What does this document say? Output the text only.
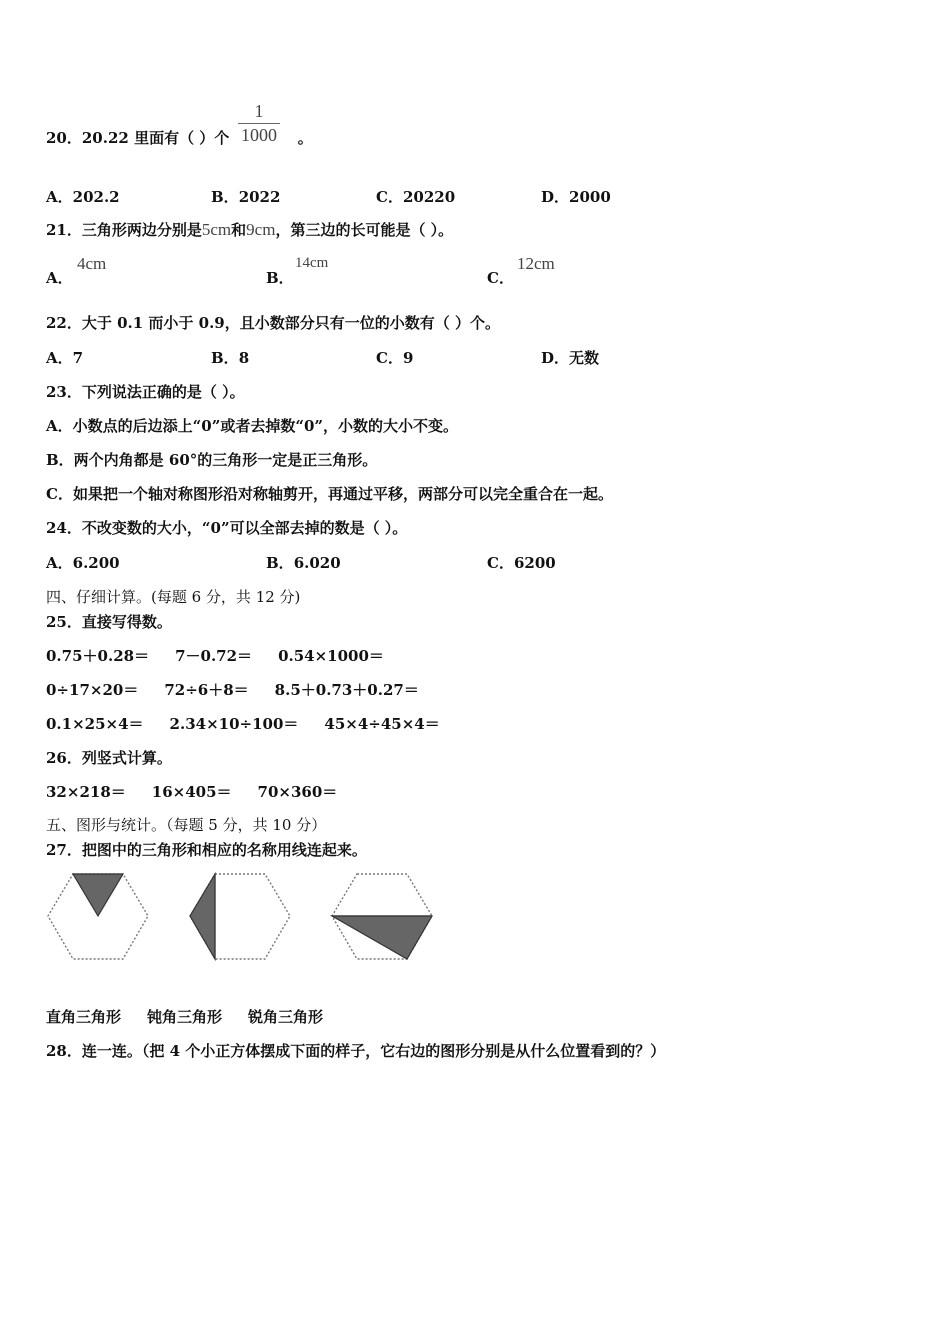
20．20.22 里面有（ ）个	。
1
1000
A．202.2	B．2022	C．20220	D．2000
21．三角形两边分别是5cm和9cm，第三边的长可能是（ ）。
A．
4cm
B．
14cm
C．
12cm
22．大于 0.1 而小于 0.9，且小数部分只有一位的小数有（ ）个。
A．7	B．8	C．9	D．无数
23．下列说法正确的是（ ）。
A．小数点的后边添上“0”或者去掉数“0”，小数的大小不变。
B．两个内角都是 60°的三角形一定是正三角形。
C．如果把一个轴对称图形沿对称轴剪开，再通过平移，两部分可以完全重合在一起。
24．不改变数的大小，“0”可以全部去掉的数是（ ）。
A．6.200	B．6.020	C．6200
四、仔细计算。(每题 6 分，共 12 分)
25．直接写得数。
0.75＋0.28＝ 7－0.72＝ 0.54×1000＝
0÷17×20＝ 72÷6＋8＝ 8.5＋0.73＋0.27＝
0.1×25×4＝ 2.34×10÷100＝ 45×4÷45×4＝
26．列竖式计算。
32×218＝ 16×405＝ 70×360＝
五、图形与统计。（每题 5 分，共 10 分）
27．把图中的三角形和相应的名称用线连起来。
直角三角形 钝角三角形 锐角三角形
28．连一连。（把 4 个小正方体摆成下面的样子，它右边的图形分别是从什么位置看到的？）
